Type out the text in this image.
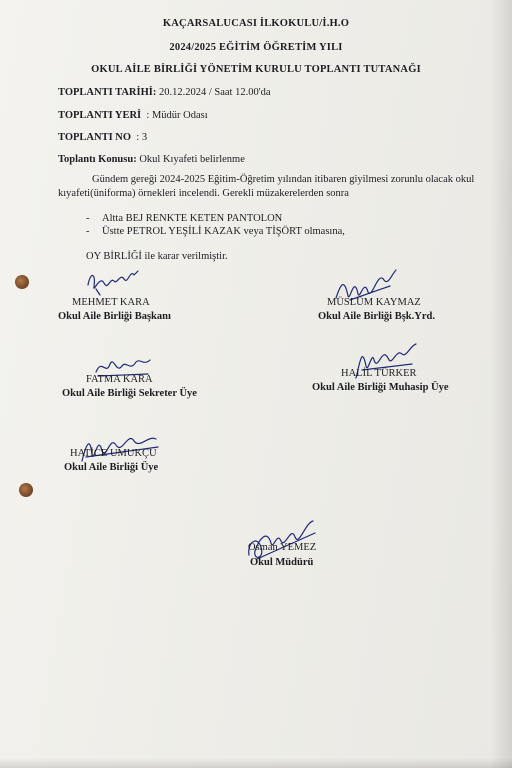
KAÇARSALUCASI İLKOKULU/İ.H.O
2024/2025 EĞİTİM ÖĞRETİM YILI
OKUL AİLE BİRLİĞİ YÖNETİM KURULU TOPLANTI TUTANAĞI
TOPLANTI TARİHİ: 20.12.2024 / Saat 12.00'da
TOPLANTI YERİ  : Müdür Odası
TOPLANTI NO  : 3
Toplantı Konusu: Okul Kıyafeti belirlenme
Gündem gereği 2024-2025 Eğitim-Öğretim yılından itibaren giyilmesi zorunlu olacak okul kıyafeti(üniforma) örnekleri incelendi. Gerekli müzakerelerden sonra
- Altta BEJ RENKTE KETEN PANTOLON
- Üstte PETROL YEŞİLİ KAZAK veya TİŞÖRT olmasına,
OY BİRLİĞİ ile karar verilmiştir.
MEHMET KARA
Okul Aile Birliği Başkanı
MÜSLÜM KAYMAZ
Okul Aile Birliği Bşk.Yrd.
FATMA KARA
Okul Aile Birliği Sekreter Üye
HALİL TÜRKER
Okul Aile Birliği Muhasip Üye
HATİCE UMUKÇU
Okul Aile Birliği Üye
Osman YEMEZ
Okul Müdürü
